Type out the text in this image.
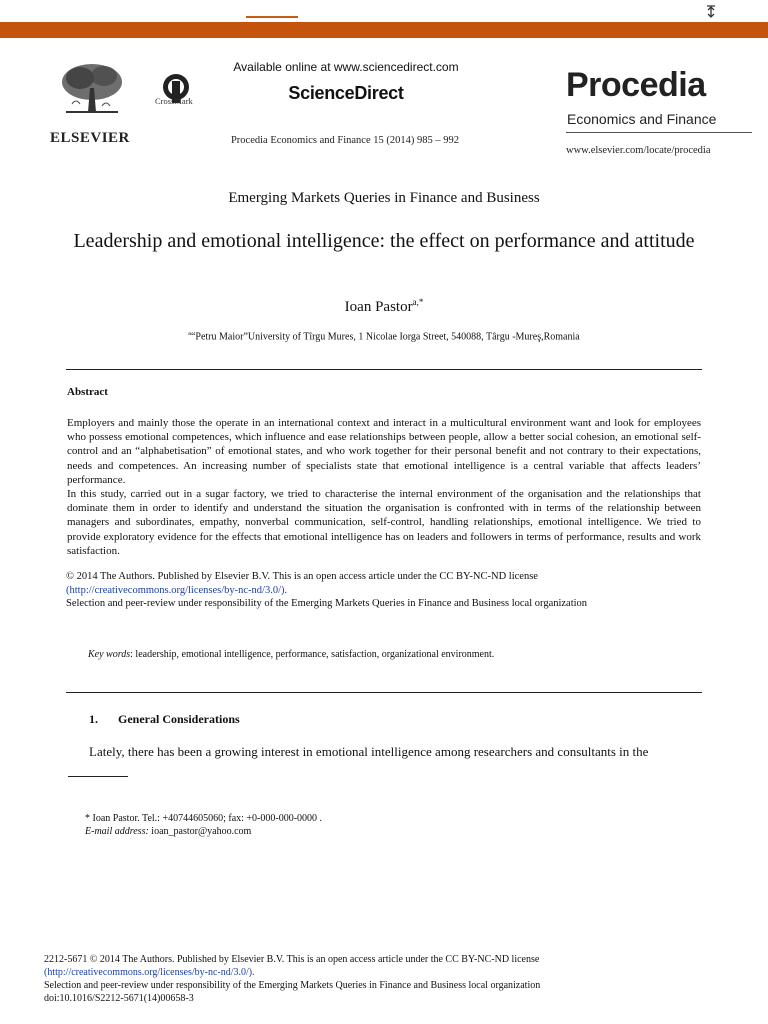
ELSEVIER
CrossMark
Available online at www.sciencedirect.com
ScienceDirect
Procedia Economics and Finance 15 (2014) 985 – 992
Procedia
Economics and Finance
www.elsevier.com/locate/procedia
Emerging Markets Queries in Finance and Business
Leadership and emotional intelligence: the effect on performance and attitude
Ioan Pastor$^{a,*}$
$^a$“Petru Maior”University of Tîrgu Mures, 1 Nicolae Iorga Street, 540088, Târgu -Mureş,Romania
Abstract

Employers and mainly those the operate in an international context and interact in a multicultural environment want and look for employees who possess emotional competences, which influence and ease relationships between people, allow a better social cohesion, an emotional self-control and an “alphabetisation” of emotional states, and who work together for their personal benefit and not contrary to their expectations, needs and competences. An increasing number of specialists state that emotional intelligence is a central variable that affects leaders’ performance.

In this study, carried out in a sugar factory, we tried to characterise the internal environment of the organisation and the relationships that dominate them in order to identify and understand the situation the organisation is confronted with in terms of the relationship between managers and subordinates, empathy, nonverbal communication, self-control, handling relationships, emotional intelligence. We tried to provide exploratory evidence for the effects that emotional intelligence has on leaders and followers in terms of performance, results and work satisfaction.

© 2014 The Authors. Published by Elsevier B.V. This is an open access article under the CC BY-NC-ND license
(http://creativecommons.org/licenses/by-nc-nd/3.0/).
Selection and peer-review under responsibility of the Emerging Markets Queries in Finance and Business local organization
Key words: leadership, emotional intelligence, performance, satisfaction, organizational environment.
1. General Considerations
Lately, there has been a growing interest in emotional intelligence among researchers and consultants in the
* Ioan Pastor. Tel.: +40744605060; fax: +0-000-000-0000 .
E-mail address: ioan_pastor@yahoo.com
2212-5671 © 2014 The Authors. Published by Elsevier B.V. This is an open access article under the CC BY-NC-ND license
(http://creativecommons.org/licenses/by-nc-nd/3.0/).
Selection and peer-review under responsibility of the Emerging Markets Queries in Finance and Business local organization
doi:10.1016/S2212-5671(14)00658-3
